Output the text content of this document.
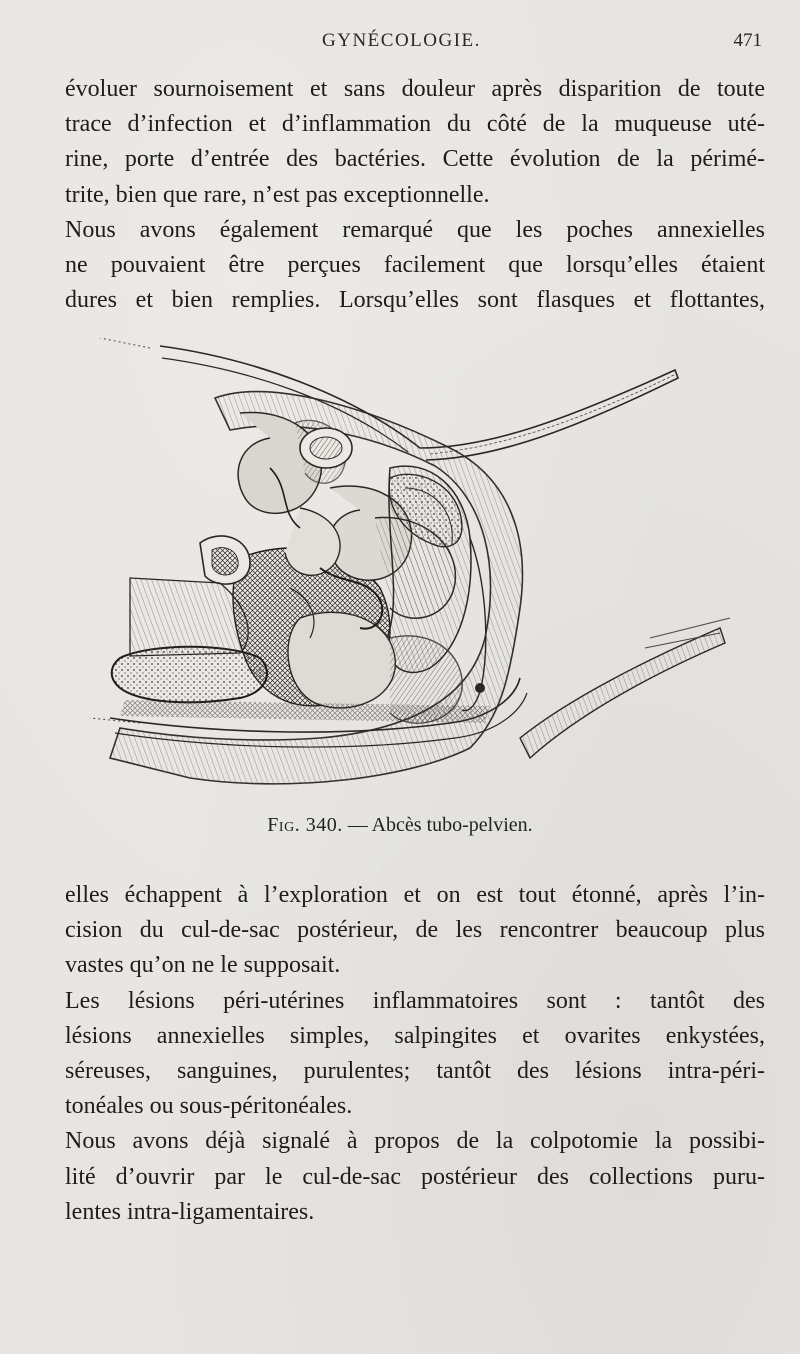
GYNÉCOLOGIE.	471

évoluer sournoisement et sans douleur après disparition de toute

trace d’infection et d’inflammation du côté de la muqueuse uté-

rine, porte d’entrée des bactéries. Cette évolution de la périmé-

trite, bien que rare, n’est pas exceptionnelle.

Nous avons également remarqué que les poches annexielles

ne pouvaient être perçues facilement que lorsqu’elles étaient

dures et bien remplies. Lorsqu’elles sont flasques et flottantes,

Fig. 340. — Abcès tubo-pelvien.

elles échappent à l’exploration et on est tout étonné, après l’in-

cision du cul-de-sac postérieur, de les rencontrer beaucoup plus

vastes qu’on ne le supposait.

Les lésions péri-utérines inflammatoires sont : tantôt des

lésions annexielles simples, salpingites et ovarites enkystées,

séreuses, sanguines, purulentes; tantôt des lésions intra-péri-

tonéales ou sous-péritonéales.

Nous avons déjà signalé à propos de la colpotomie la possibi-

lité d’ouvrir par le cul-de-sac postérieur des collections puru-

lentes intra-ligamentaires.
